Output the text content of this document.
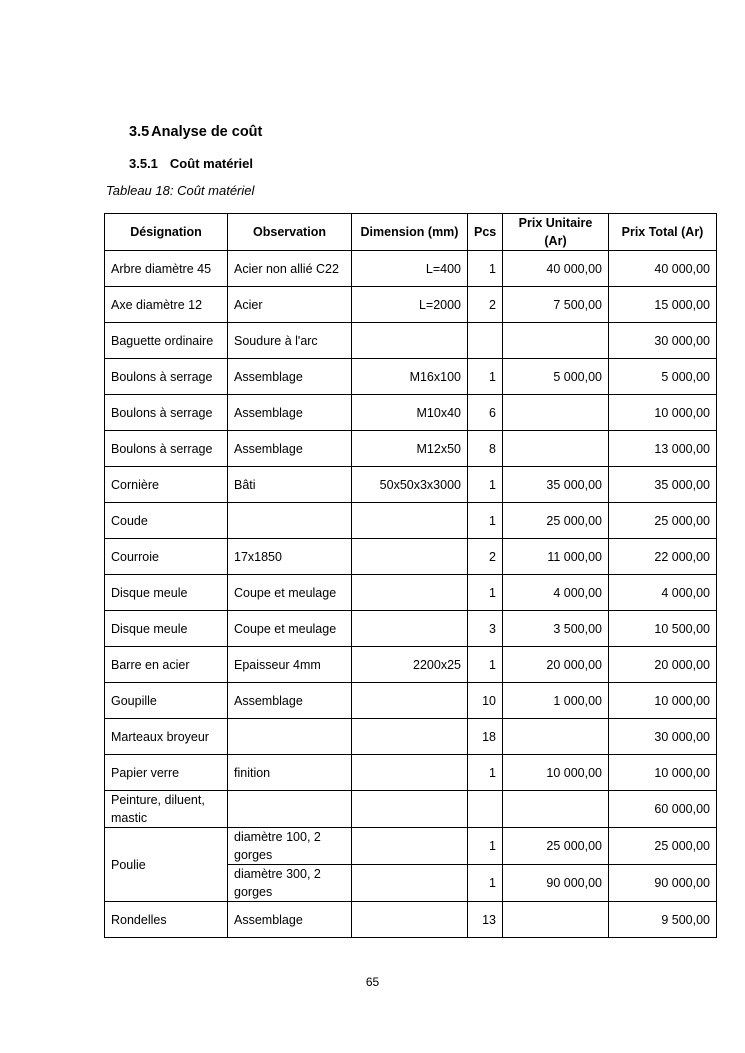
3.5 Analyse de coût
3.5.1 Coût matériel
Tableau 18: Coût matériel
Désignation	Observation	Dimension (mm)	Pcs	Prix Unitaire (Ar)	Prix Total (Ar)
Arbre diamètre 45	Acier non allié C22	L=400	1	40 000,00	40 000,00
Axe diamètre 12	Acier	L=2000	2	7 500,00	15 000,00
Baguette ordinaire	Soudure à l'arc				30 000,00
Boulons à serrage	Assemblage	M16x100	1	5 000,00	5 000,00
Boulons à serrage	Assemblage	M10x40	6		10 000,00
Boulons à serrage	Assemblage	M12x50	8		13 000,00
Cornière	Bâti	50x50x3x3000	1	35 000,00	35 000,00
Coude			1	25 000,00	25 000,00
Courroie	17x1850		2	11 000,00	22 000,00
Disque meule	Coupe et meulage		1	4 000,00	4 000,00
Disque meule	Coupe et meulage		3	3 500,00	10 500,00
Barre en acier	Epaisseur 4mm	2200x25	1	20 000,00	20 000,00
Goupille	Assemblage		10	1 000,00	10 000,00
Marteaux broyeur			18		30 000,00
Papier verre	finition		1	10 000,00	10 000,00
Peinture, diluent, mastic					60 000,00
Poulie	diamètre 100, 2 gorges		1	25 000,00	25 000,00
	diamètre 300, 2 gorges		1	90 000,00	90 000,00
Rondelles	Assemblage		13		9 500,00
65
